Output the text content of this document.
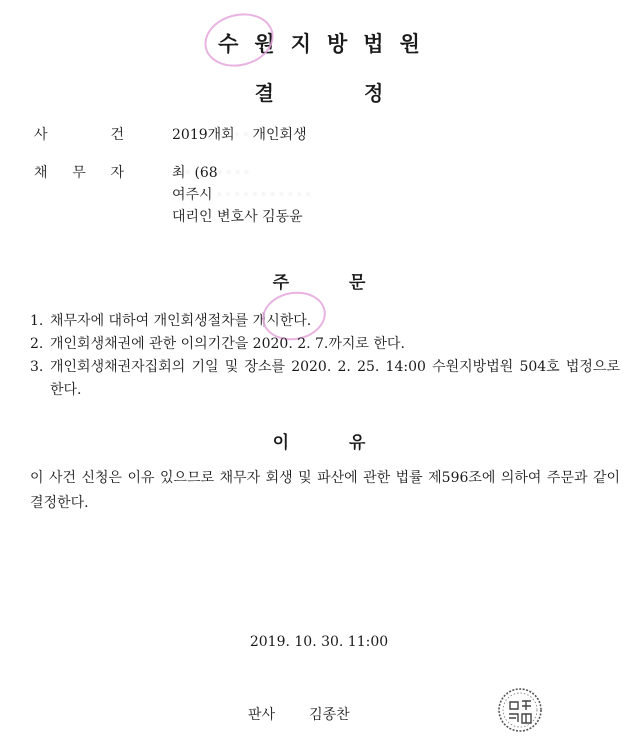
수원지방법원
결정
사	건	2019개회· · 개인회생
채 무 자	최· (68· · · ·
여주시 · · · · · · · · · · ·
대리인 변호사 김동윤
주문
1. 채무자에 대하여 개인회생절차를 개시한다.
2. 개인회생채권에 관한 이의기간을 2020. 2. 7.까지로 한다.
3. 개인회생채권자집회의 기일 및 장소를 2020. 2. 25. 14:00 수원지방법원 504호 법정으로 한다.
이유
이 사건 신청은 이유 있으므로 채무자 회생 및 파산에 관한 법률 제596조에 의하여 주문과 같이 결정한다.
2019. 10. 30. 11:00
판사 김종찬
